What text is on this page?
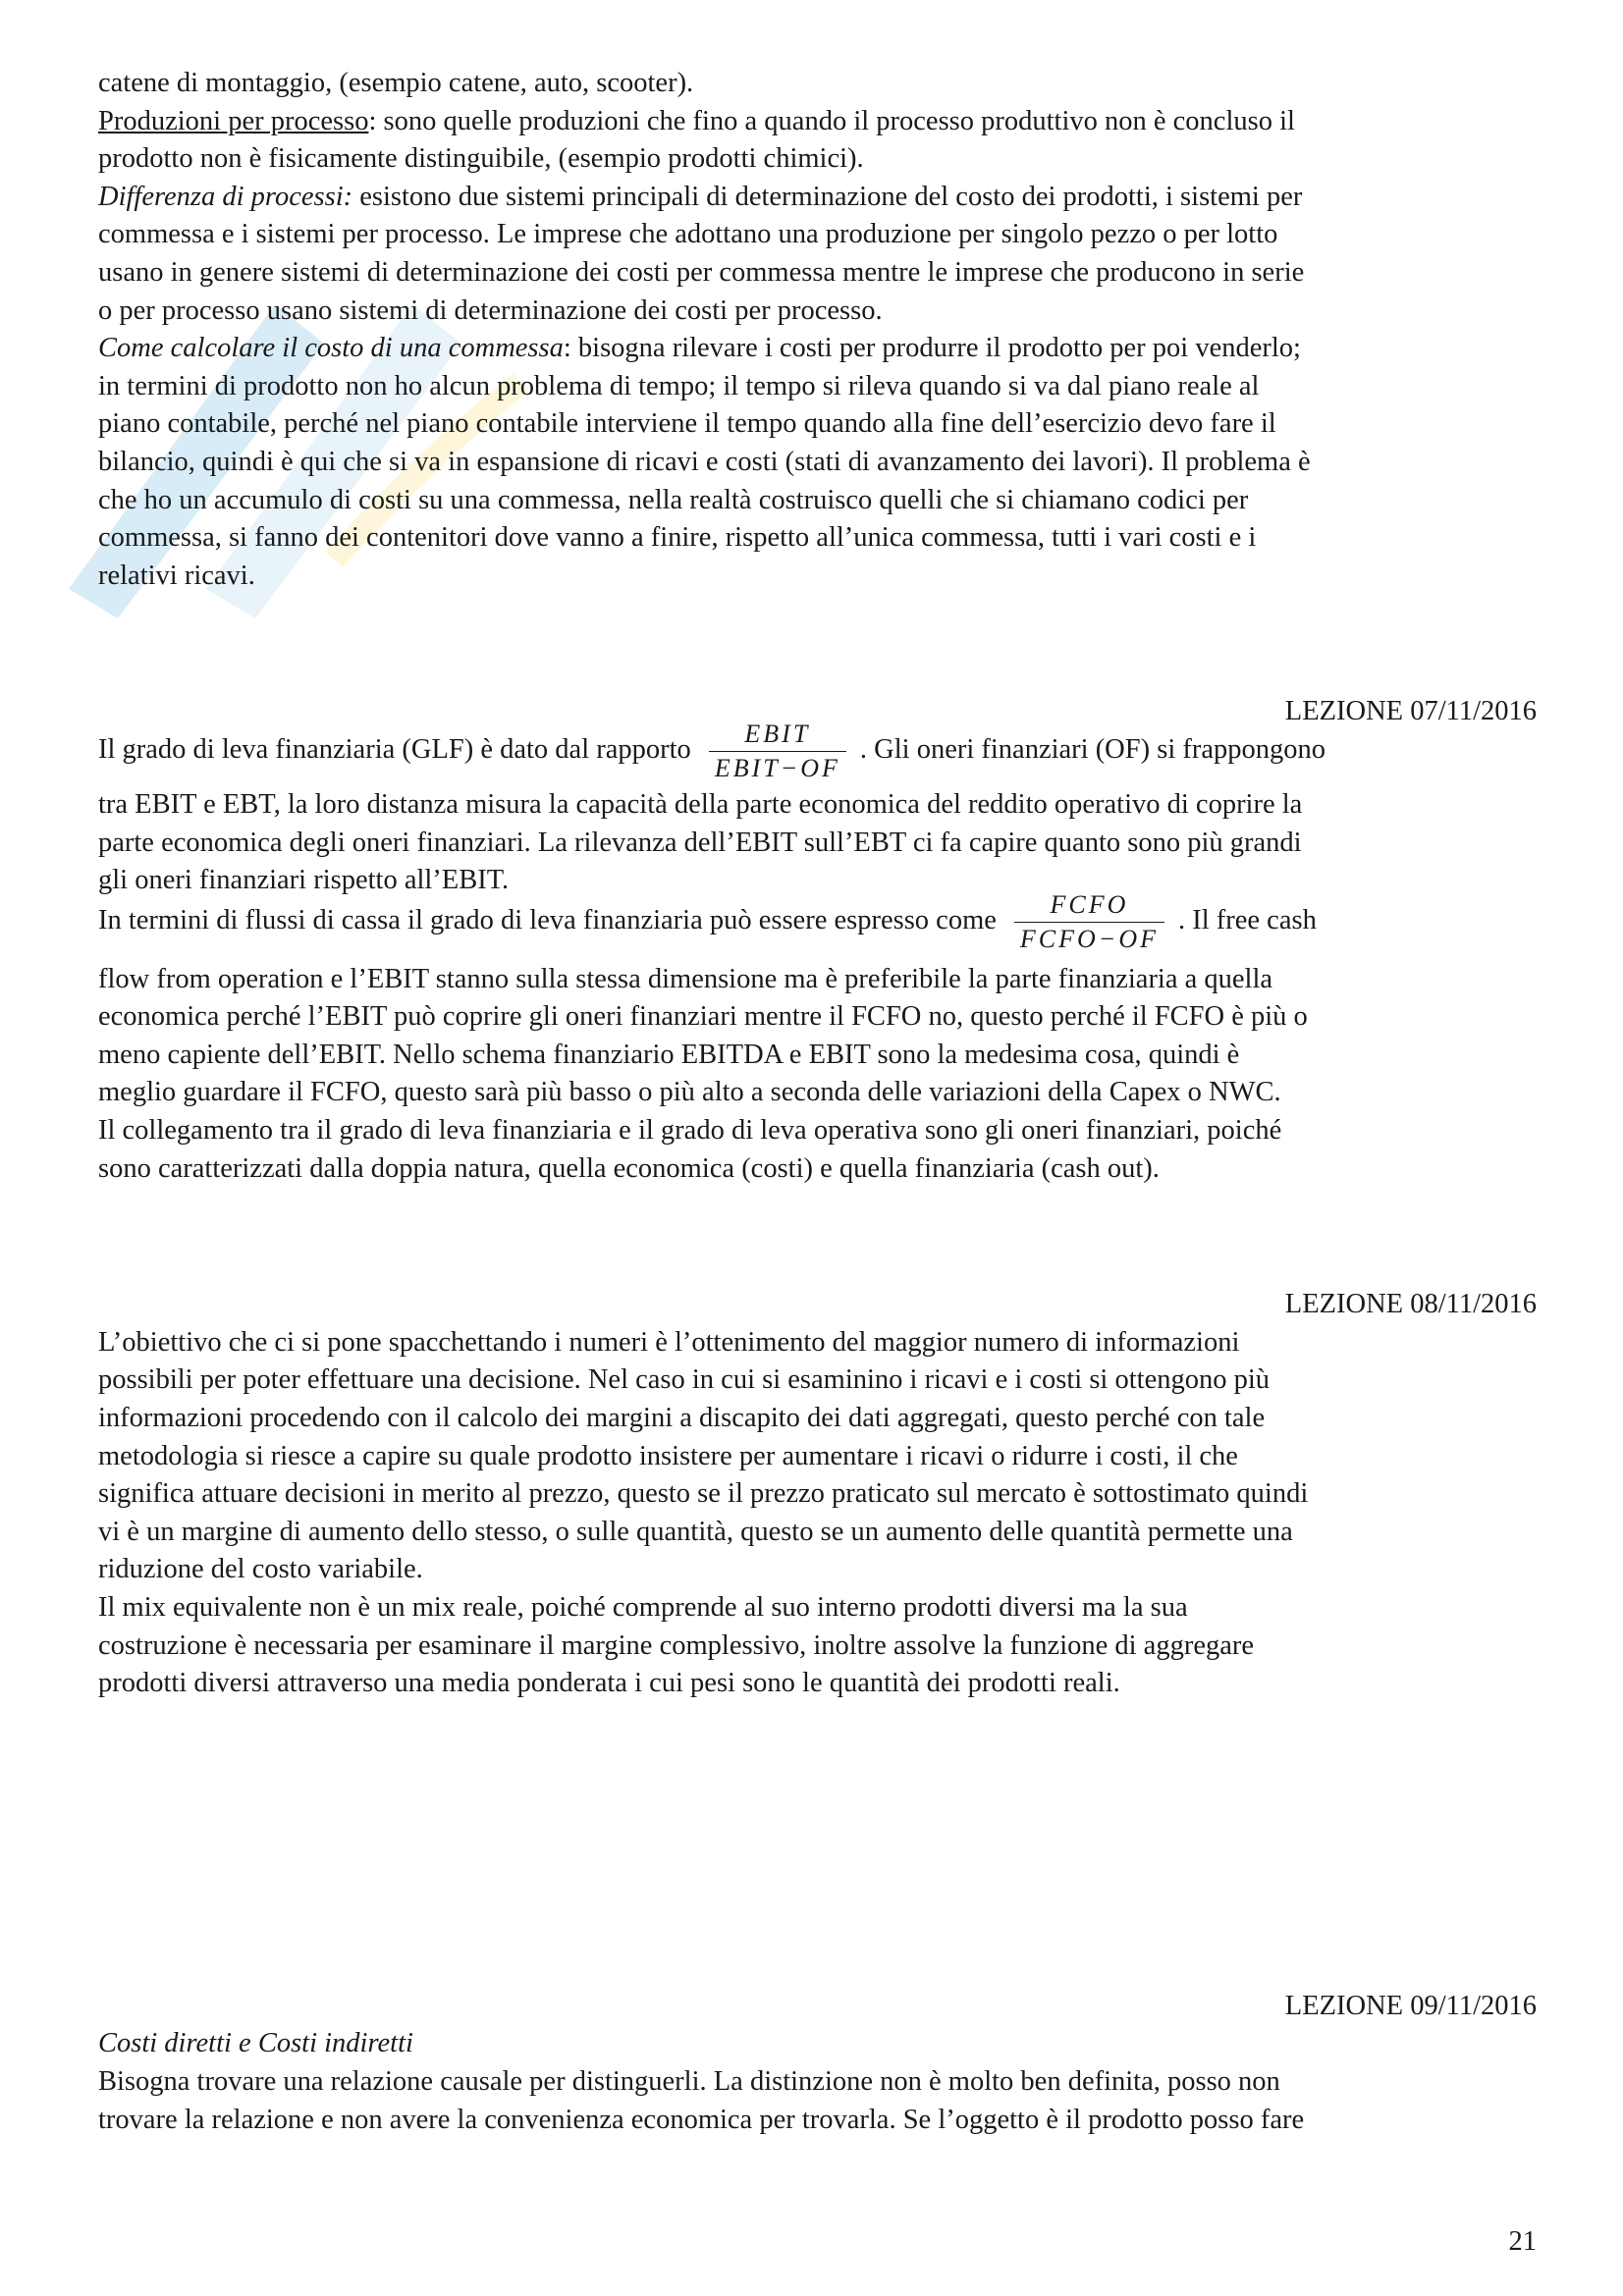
catene di montaggio, (esempio catene, auto, scooter).
Produzioni per processo: sono quelle produzioni che fino a quando il processo produttivo non è concluso il
prodotto non è fisicamente distinguibile, (esempio prodotti chimici).
Differenza di processi: esistono due sistemi principali di determinazione del costo dei prodotti, i sistemi per
commessa e i sistemi per processo. Le imprese che adottano una produzione per singolo pezzo o per lotto
usano in genere sistemi di determinazione dei costi per commessa mentre le imprese che producono in serie
o per processo usano sistemi di determinazione dei costi per processo.
Come calcolare il costo di una commessa: bisogna rilevare i costi per produrre il prodotto per poi venderlo;
in termini di prodotto non ho alcun problema di tempo; il tempo si rileva quando si va dal piano reale al
piano contabile, perché nel piano contabile interviene il tempo quando alla fine dell’esercizio devo fare il
bilancio, quindi è qui che si va in espansione di ricavi e costi (stati di avanzamento dei lavori). Il problema è
che ho un accumulo di costi su una commessa, nella realtà costruisco quelli che si chiamano codici per
commessa, si fanno dei contenitori dove vanno a finire, rispetto all’unica commessa, tutti i vari costi e i
relativi ricavi.
LEZIONE 07/11/2016
Il grado di leva finanziaria (GLF) è dato dal rapporto $\frac{\text{EBIT}}{\text{EBIT−OF}}$ . Gli oneri finanziari (OF) si frappongono
tra EBIT e EBT, la loro distanza misura la capacità della parte economica del reddito operativo di coprire la
parte economica degli oneri finanziari. La rilevanza dell’EBIT sull’EBT ci fa capire quanto sono più grandi
gli oneri finanziari rispetto all’EBIT.
In termini di flussi di cassa il grado di leva finanziaria può essere espresso come $\frac{\text{FCFO}}{\text{FCFO−OF}}$ . Il free cash
flow from operation e l’EBIT stanno sulla stessa dimensione ma è preferibile la parte finanziaria a quella
economica perché l’EBIT può coprire gli oneri finanziari mentre il FCFO no, questo perché il FCFO è più o
meno capiente dell’EBIT. Nello schema finanziario EBITDA e EBIT sono la medesima cosa, quindi è
meglio guardare il FCFO, questo sarà più basso o più alto a seconda delle variazioni della Capex o NWC.
Il collegamento tra il grado di leva finanziaria e il grado di leva operativa sono gli oneri finanziari, poiché
sono caratterizzati dalla doppia natura, quella economica (costi) e quella finanziaria (cash out).
LEZIONE 08/11/2016
L’obiettivo che ci si pone spacchettando i numeri è l’ottenimento del maggior numero di informazioni
possibili per poter effettuare una decisione. Nel caso in cui si esaminino i ricavi e i costi si ottengono più
informazioni procedendo con il calcolo dei margini a discapito dei dati aggregati, questo perché con tale
metodologia si riesce a capire su quale prodotto insistere per aumentare i ricavi o ridurre i costi, il che
significa attuare decisioni in merito al prezzo, questo se il prezzo praticato sul mercato è sottostimato quindi
vi è un margine di aumento dello stesso, o sulle quantità, questo se un aumento delle quantità permette una
riduzione del costo variabile.
Il mix equivalente non è un mix reale, poiché comprende al suo interno prodotti diversi ma la sua
costruzione è necessaria per esaminare il margine complessivo, inoltre assolve la funzione di aggregare
prodotti diversi attraverso una media ponderata i cui pesi sono le quantità dei prodotti reali.
LEZIONE 09/11/2016
Costi diretti e Costi indiretti
Bisogna trovare una relazione causale per distinguerli. La distinzione non è molto ben definita, posso non
trovare la relazione e non avere la convenienza economica per trovarla. Se l’oggetto è il prodotto posso fare
21
